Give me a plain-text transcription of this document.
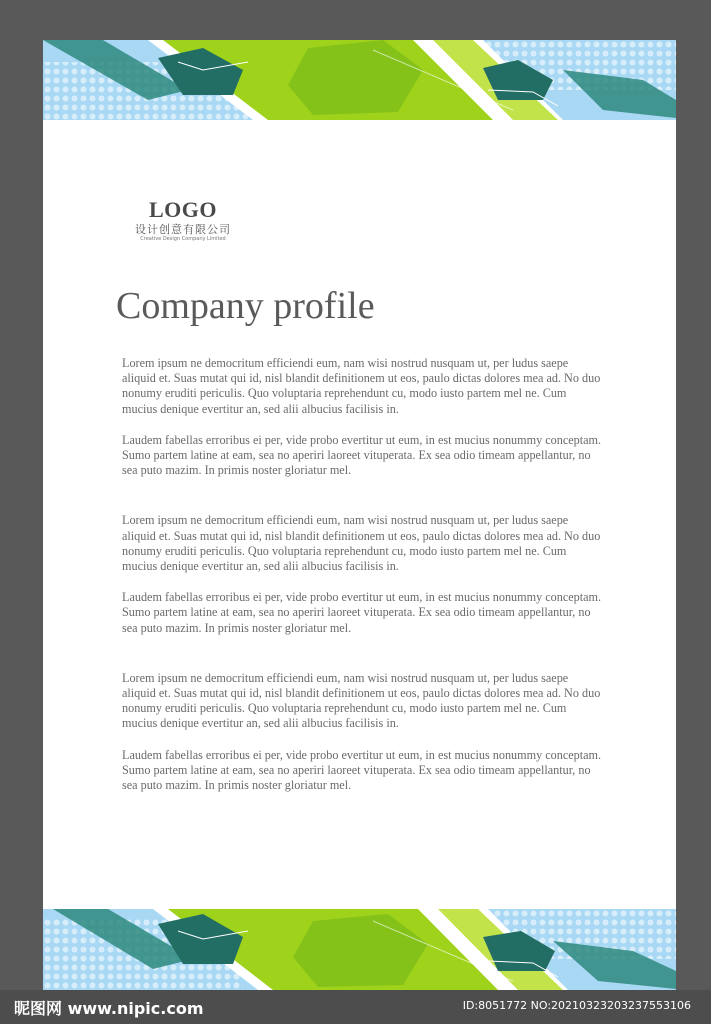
LOGO
设计创意有限公司
Creative Design Company Limited
Company profile

Lorem ipsum ne democritum efficiendi eum, nam wisi nostrud nusquam ut, per ludus saepe aliquid et. Suas mutat qui id, nisl blandit definitionem ut eos, paulo dictas dolores mea ad. No duo nonumy eruditi periculis. Quo voluptaria reprehendunt cu, modo iusto partem mel ne. Cum mucius denique evertitur an, sed alii albucius facilisis in.

Laudem fabellas erroribus ei per, vide probo evertitur ut eum, in est mucius nonummy conceptam. Sumo partem latine at eam, sea no aperiri laoreet vituperata. Ex sea odio timeam appellantur, no sea puto mazim. In primis noster gloriatur mel.

Lorem ipsum ne democritum efficiendi eum, nam wisi nostrud nusquam ut, per ludus saepe aliquid et. Suas mutat qui id, nisl blandit definitionem ut eos, paulo dictas dolores mea ad. No duo nonumy eruditi periculis. Quo voluptaria reprehendunt cu, modo iusto partem mel ne. Cum mucius denique evertitur an, sed alii albucius facilisis in.

Laudem fabellas erroribus ei per, vide probo evertitur ut eum, in est mucius nonummy conceptam. Sumo partem latine at eam, sea no aperiri laoreet vituperata. Ex sea odio timeam appellantur, no sea puto mazim. In primis noster gloriatur mel.

Lorem ipsum ne democritum efficiendi eum, nam wisi nostrud nusquam ut, per ludus saepe aliquid et. Suas mutat qui id, nisl blandit definitionem ut eos, paulo dictas dolores mea ad. No duo nonumy eruditi periculis. Quo voluptaria reprehendunt cu, modo iusto partem mel ne. Cum mucius denique evertitur an, sed alii albucius facilisis in.

Laudem fabellas erroribus ei per, vide probo evertitur ut eum, in est mucius nonummy conceptam. Sumo partem latine at eam, sea no aperiri laoreet vituperata. Ex sea odio timeam appellantur, no sea puto mazim. In primis noster gloriatur mel.

昵图网 www.nipic.com	ID:8051772 NO:20210323203237553106
